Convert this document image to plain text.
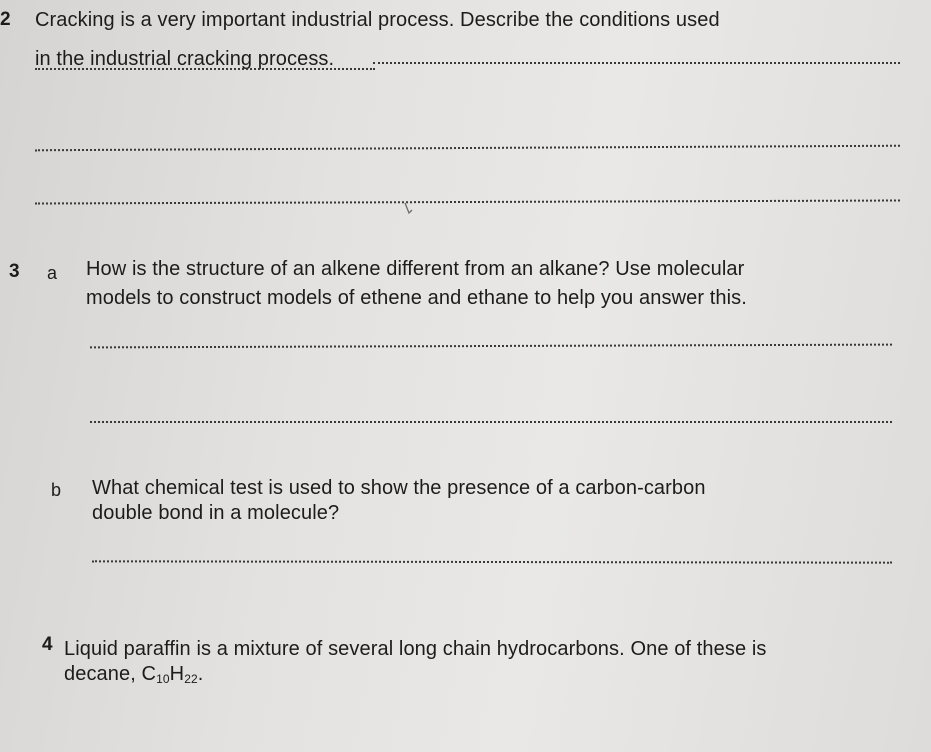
2 Cracking is a very important industrial process. Describe the conditions used
in the industrial cracking process.
3 a How is the structure of an alkene different from an alkane? Use molecular
models to construct models of ethene and ethane to help you answer this.
b What chemical test is used to show the presence of a carbon-carbon
double bond in a molecule?
4 Liquid paraffin is a mixture of several long chain hydrocarbons. One of these is
decane, $C_{10}H_{22}$.
